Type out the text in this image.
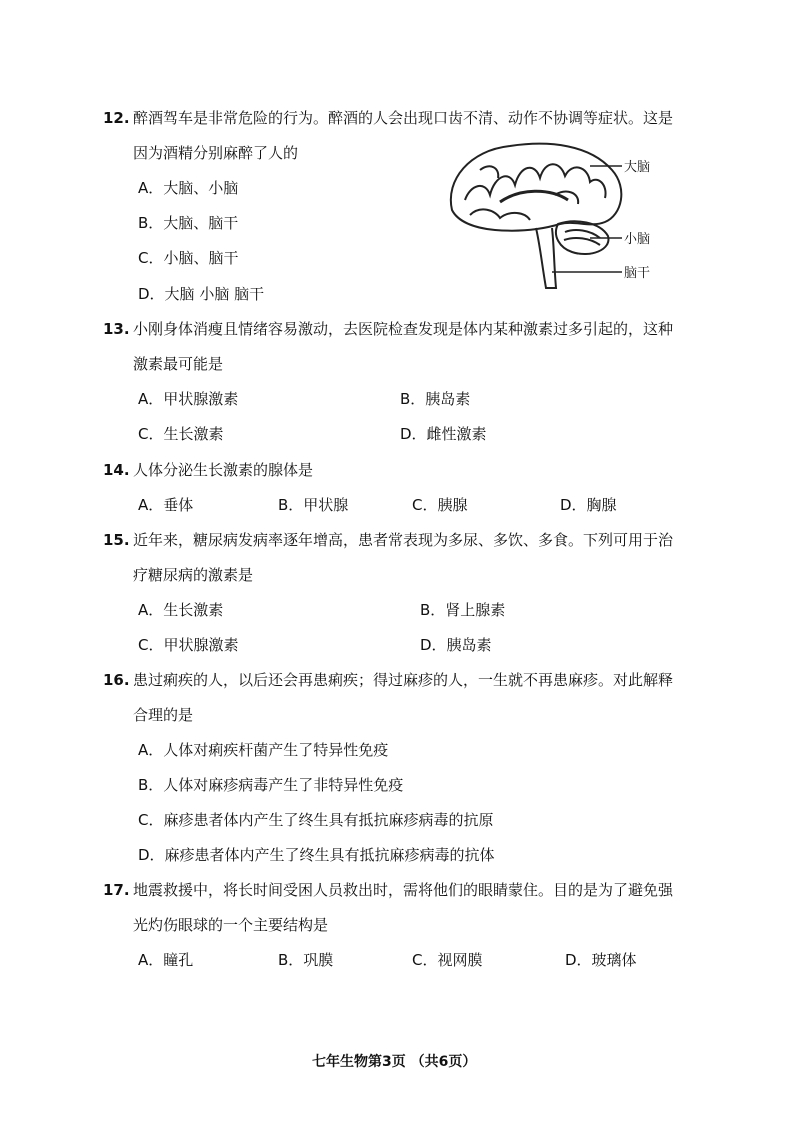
12. 醉酒驾车是非常危险的行为。醉酒的人会出现口齿不清、动作不协调等症状。这是
因为酒精分别麻醉了人的
A．大脑、小脑
B．大脑、脑干
C．小脑、脑干
D．大脑 小脑 脑干
大脑
小脑
脑干
13. 小刚身体消瘦且情绪容易激动，去医院检查发现是体内某种激素过多引起的，这种
激素最可能是
A．甲状腺激素	B．胰岛素
C．生长激素	D．雌性激素
14. 人体分泌生长激素的腺体是
A．垂体	B．甲状腺	C．胰腺	D．胸腺
15. 近年来，糖尿病发病率逐年增高，患者常表现为多尿、多饮、多食。下列可用于治
疗糖尿病的激素是
A．生长激素	B．肾上腺素
C．甲状腺激素	D．胰岛素
16. 患过痢疾的人，以后还会再患痢疾；得过麻疹的人，一生就不再患麻疹。对此解释
合理的是
A．人体对痢疾杆菌产生了特异性免疫
B．人体对麻疹病毒产生了非特异性免疫
C．麻疹患者体内产生了终生具有抵抗麻疹病毒的抗原
D．麻疹患者体内产生了终生具有抵抗麻疹病毒的抗体
17. 地震救援中，将长时间受困人员救出时，需将他们的眼睛蒙住。目的是为了避免强
光灼伤眼球的一个主要结构是
A．瞳孔	B．巩膜	C．视网膜	D．玻璃体
七年生物第3页 （共6页）
